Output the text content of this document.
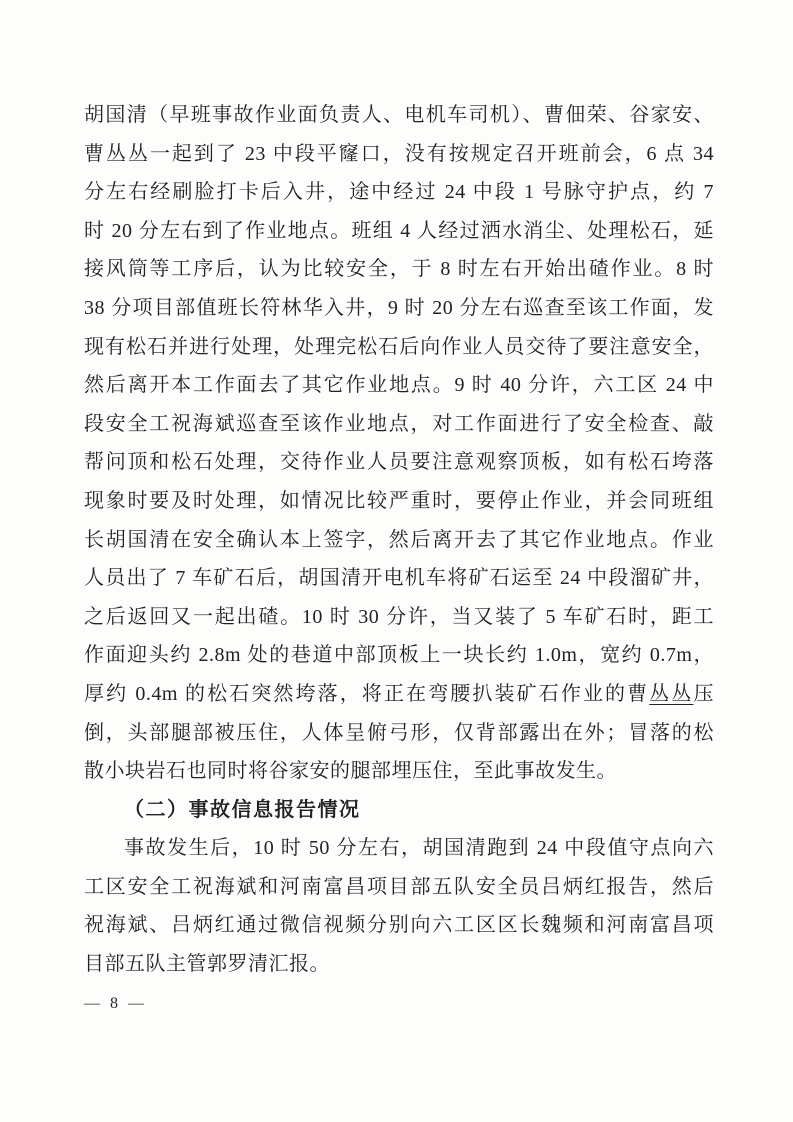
胡国清（早班事故作业面负责人、电机车司机）、曹佃荣、谷家安、
曹丛丛一起到了 23 中段平窿口，没有按规定召开班前会，6 点 34
分左右经刷脸打卡后入井，途中经过 24 中段 1 号脉守护点，约 7
时 20 分左右到了作业地点。班组 4 人经过洒水消尘、处理松石，延
接风筒等工序后，认为比较安全，于 8 时左右开始出碴作业。8 时
38 分项目部值班长符林华入井，9 时 20 分左右巡查至该工作面，发
现有松石并进行处理，处理完松石后向作业人员交待了要注意安全，
然后离开本工作面去了其它作业地点。9 时 40 分许，六工区 24 中
段安全工祝海斌巡查至该作业地点，对工作面进行了安全检查、敲
帮问顶和松石处理，交待作业人员要注意观察顶板，如有松石垮落
现象时要及时处理，如情况比较严重时，要停止作业，并会同班组
长胡国清在安全确认本上签字，然后离开去了其它作业地点。作业
人员出了 7 车矿石后，胡国清开电机车将矿石运至 24 中段溜矿井，
之后返回又一起出碴。10 时 30 分许，当又装了 5 车矿石时，距工
作面迎头约 2.8m 处的巷道中部顶板上一块长约 1.0m，宽约 0.7m，
厚约 0.4m 的松石突然垮落，将正在弯腰扒装矿石作业的曹丛丛压
倒，头部腿部被压住，人体呈俯弓形，仅背部露出在外；冒落的松
散小块岩石也同时将谷家安的腿部埋压住，至此事故发生。
（二）事故信息报告情况
事故发生后，10 时 50 分左右，胡国清跑到 24 中段值守点向六
工区安全工祝海斌和河南富昌项目部五队安全员吕炳红报告，然后
祝海斌、吕炳红通过微信视频分别向六工区区长魏频和河南富昌项
目部五队主管郭罗清汇报。
— 8 —
